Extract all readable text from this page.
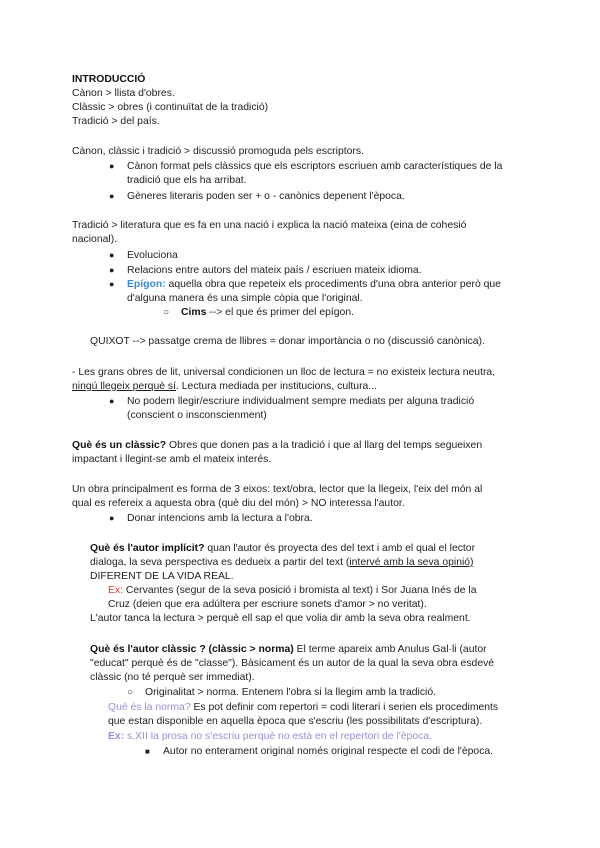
INTRODUCCIÓ
Cànon > llista d'obres.
Clàssic > obres (i continuïtat de la tradició)
Tradició > del país.
Cànon, clàssic i tradició > discussió promoguda pels escriptors.
● Cànon format pels clàssics que els escriptors escriuen amb característiques de la
tradició que els ha arribat.
● Gèneres literaris poden ser + o - canònics depenent l'època.
Tradició > literatura que es fa en una nació i explica la nació mateixa (eina de cohesió
nacional).
● Evoluciona
● Relacions entre autors del mateix país / escriuen mateix idioma.
● Epígon: aquella obra que repeteix els procediments d'una obra anterior però que
d'alguna manera és una simple còpia que l'original.
○ Cims --> el que és primer del epígon.
QUIXOT --> passatge crema de llibres = donar importància o no (discussió canònica).
- Les grans obres de lit, universal condicionen un lloc de lectura = no existeix lectura neutra,
ningú llegeix perquè sí. Lectura mediada per institucions, cultura...
● No podem llegir/escriure individualment sempre mediats per alguna tradició
(conscient o insconscienment)
Què és un clàssic? Obres que donen pas a la tradició i que al llarg del temps segueixen
impactant i llegint-se amb el mateix interés.
Un obra principalment es forma de 3 eixos: text/obra, lector que la llegeix, l'eix del món al
qual es refereix a aquesta obra (què diu del món) > NO interessa l'autor.
● Donar intencions amb la lectura a l'obra.
Què és l'autor implícit? quan l'autor és proyecta des del text i amb el qual el lector
dialoga, la seva perspectiva es dedueix a partir del text (intervé amb la seva opinió)
DIFERENT DE LA VIDA REAL.
Ex: Cervantes (segur de la seva posició i bromista al text) i Sor Juana Inés de la
Cruz (deien que era adúltera per escriure sonets d'amor > no veritat).
L'autor tanca la lectura > perquè ell sap el que volia dir amb la seva obra realment.
Què és l'autor clàssic ? (clàssic > norma) El terme apareix amb Anulus Gal·li (autor
"educat" perquè és de "classe"). Bàsicament és un autor de la qual la seva obra esdevé
clàssic (no té perquè ser immediat).
○ Originalitat > norma. Entenem l'obra si la llegim amb la tradició.
Què és la norma? Es pot definir com repertori = codi literari i serien els procediments
que estan disponible en aquella època que s'escriu (les possibilitats d'escriptura).
Ex: s.XII la prosa no s'escriu perquè no està en el repertori de l'època.
■ Autor no enterament original només original respecte el codi de l'època.
